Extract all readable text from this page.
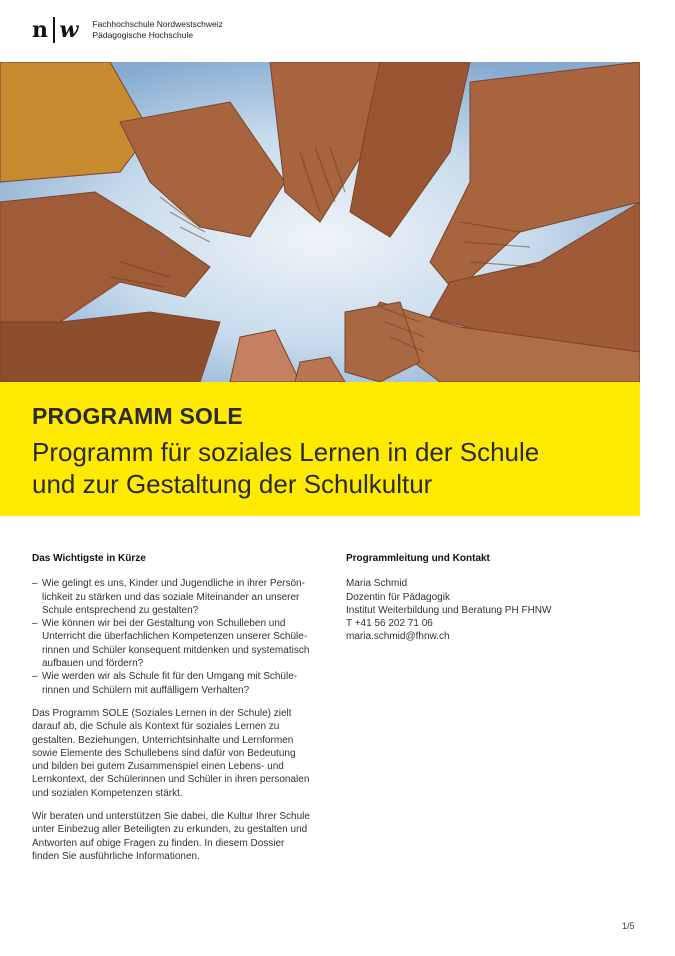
n w Fachhochschule Nordwestschweiz
Pädagogische Hochschule
PROGRAMM SOLE
Programm für soziales Lernen in der Schule
und zur Gestaltung der Schulkultur
Das Wichtigste in Kürze
– Wie gelingt es uns, Kinder und Jugendliche in ihrer Persön-
lichkeit zu stärken und das soziale Miteinander an unserer
Schule entsprechend zu gestalten?
– Wie können wir bei der Gestaltung von Schulleben und
Unterricht die überfachlichen Kompetenzen unserer Schüle-
rinnen und Schüler konsequent mitdenken und systematisch
aufbauen und fördern?
– Wie werden wir als Schule fit für den Umgang mit Schüle-
rinnen und Schülern mit auffälligem Verhalten?
Das Programm SOLE (Soziales Lernen in der Schule) zielt
darauf ab, die Schule als Kontext für soziales Lernen zu
gestalten. Beziehungen, Unterrichtsinhalte und Lernformen
sowie Elemente des Schullebens sind dafür von Bedeutung
und bilden bei gutem Zusammenspiel einen Lebens- und
Lernkontext, der Schülerinnen und Schüler in ihren personalen
und sozialen Kompetenzen stärkt.
Wir beraten und unterstützen Sie dabei, die Kultur Ihrer Schule
unter Einbezug aller Beteiligten zu erkunden, zu gestalten und
Antworten auf obige Fragen zu finden. In diesem Dossier
finden Sie ausführliche Informationen.
Programmleitung und Kontakt
Maria Schmid
Dozentin für Pädagogik
Institut Weiterbildung und Beratung PH FHNW
T +41 56 202 71 06
maria.schmid@fhnw.ch
1/5
